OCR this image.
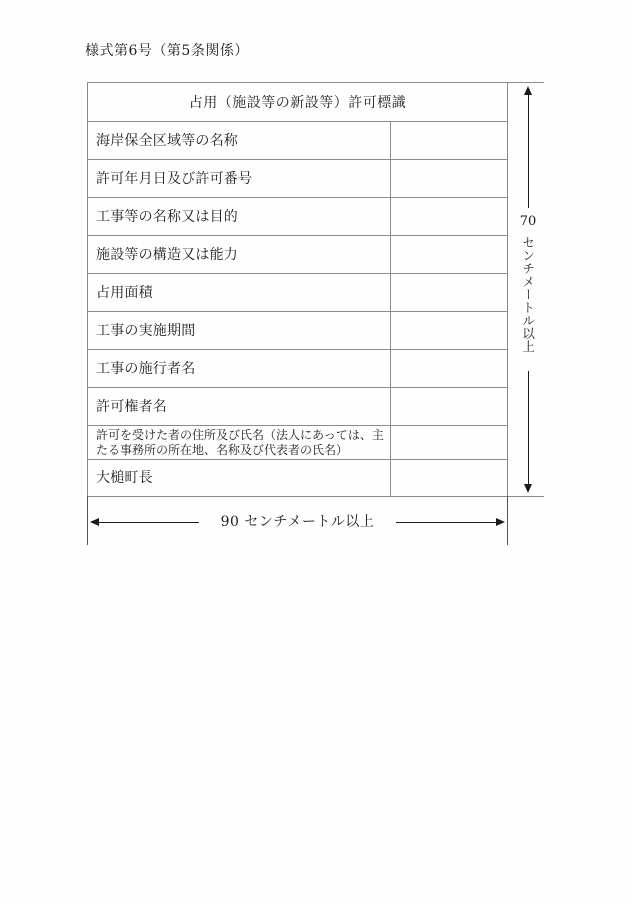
様式第6号（第5条関係）
占用（施設等の新設等）許可標識
海岸保全区域等の名称
許可年月日及び許可番号
工事等の名称又は目的
施設等の構造又は能力
占用面積
工事の実施期間
工事の施行者名
許可権者名
許可を受けた者の住所及び氏名（法人にあっては、主たる事務所の所在地、名称及び代表者の氏名）
大槌町長
70
センチメートル以上
90 センチメートル以上
